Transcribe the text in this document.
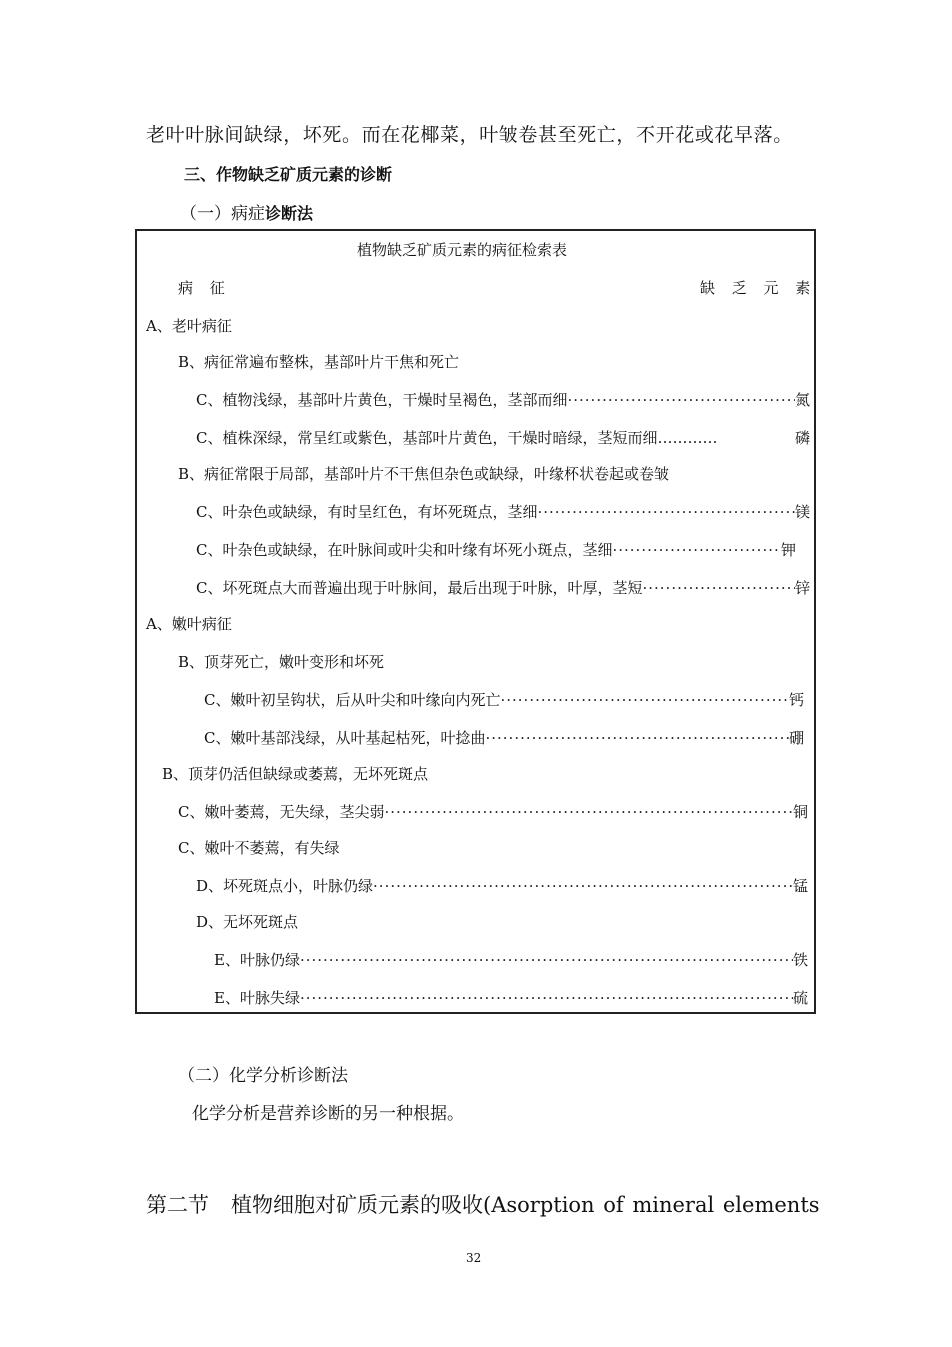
老叶叶脉间缺绿，坏死。而在花椰菜，叶皱卷甚至死亡，不开花或花早落。
三、作物缺乏矿质元素的诊断
（一）病症诊断法
植物缺乏矿质元素的病征检索表
病 征	缺 乏 元 素
A、老叶病征
B、病征常遍布整株，基部叶片干焦和死亡
C、植物浅绿，基部叶片黄色，干燥时呈褐色，茎部而细 ·····	氮
C、植株深绿，常呈红或紫色，基部叶片黄色，干燥时暗绿，茎短而细…………	磷
B、病征常限于局部，基部叶片不干焦但杂色或缺绿，叶缘杯状卷起或卷皱
C、叶杂色或缺绿，有时呈红色，有坏死斑点，茎细 ·····	镁
C、叶杂色或缺绿，在叶脉间或叶尖和叶缘有坏死小斑点，茎细 ·····	钾
C、坏死斑点大而普遍出现于叶脉间，最后出现于叶脉，叶厚，茎短 ·····	锌
A、嫩叶病征
B、顶芽死亡，嫩叶变形和坏死
C、嫩叶初呈钩状，后从叶尖和叶缘向内死亡 ·····	钙
C、嫩叶基部浅绿，从叶基起枯死，叶捻曲 ·····	硼
B、顶芽仍活但缺绿或萎蔫，无坏死斑点
C、嫩叶萎蔫，无失绿，茎尖弱 ·····	铜
C、嫩叶不萎蔫，有失绿
D、坏死斑点小，叶脉仍绿 ·····	锰
D、无坏死斑点
E、叶脉仍绿 ·····	铁
E、叶脉失绿 ·····	硫
（二）化学分析诊断法
化学分析是营养诊断的另一种根据。
第二节 植物细胞对矿质元素的吸收(Asorption of mineral elements
32
